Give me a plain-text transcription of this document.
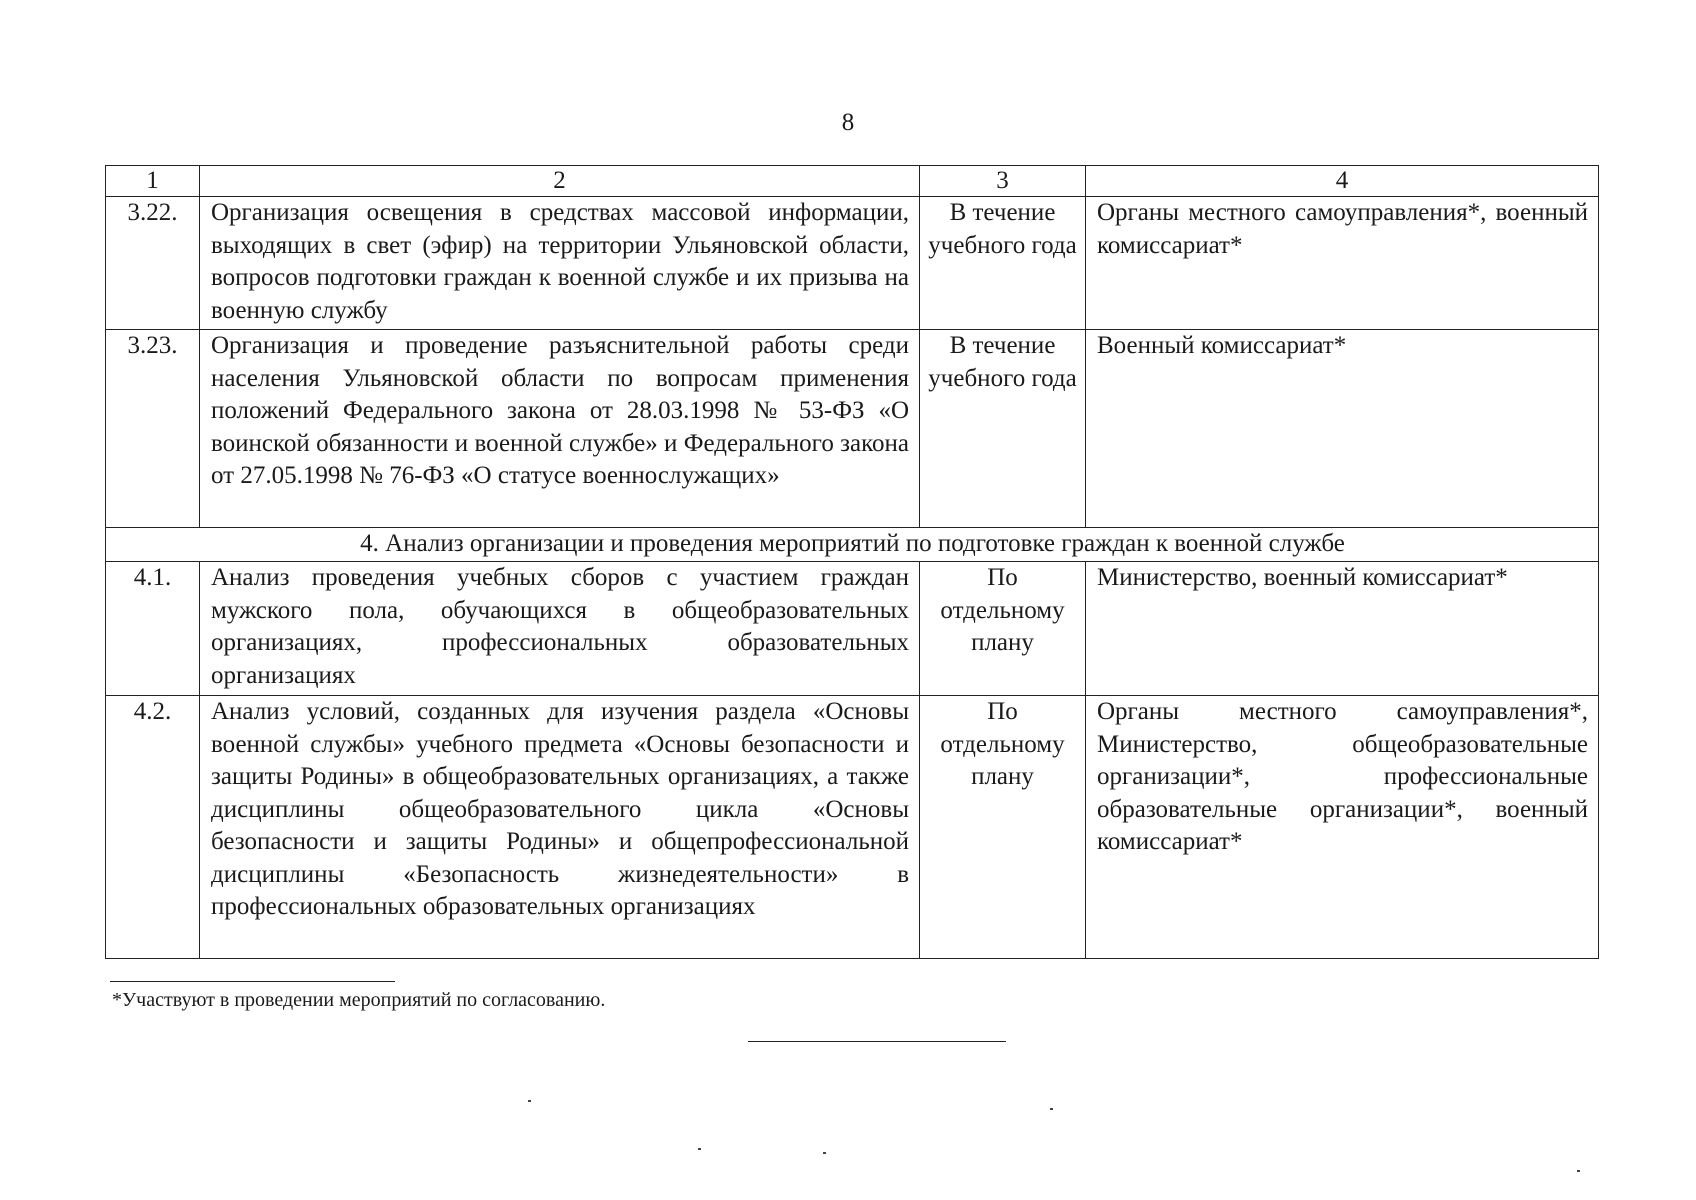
8
1	2	3	4
3.22.	Организация освещения в средствах массовой информации, выходящих в свет (эфир) на территории Ульяновской области, вопросов подготовки граждан к военной службе и их призыва на военную службу	В течение учебного года	Органы местного самоуправления*, военный комиссариат*
3.23.	Организация и проведение разъяснительной работы среди населения Ульяновской области по вопросам применения положений Федерального закона от 28.03.1998 № 53-ФЗ «О воинской обязанности и военной службе» и Федерального закона от 27.05.1998 № 76-ФЗ «О статусе военнослужащих»	В течение учебного года	Военный комиссариат*
4. Анализ организации и проведения мероприятий по подготовке граждан к военной службе			
4.1.	Анализ проведения учебных сборов с участием граждан мужского пола, обучающихся в общеобразовательных организациях, профессиональных образовательных организациях	По отдельному плану	Министерство, военный комиссариат*
4.2.	Анализ условий, созданных для изучения раздела «Основы военной службы» учебного предмета «Основы безопасности и защиты Родины» в общеобразовательных организациях, а также дисциплины общеобразовательного цикла «Основы безопасности и защиты Родины» и общепрофессиональной дисциплины «Безопасность жизнедеятельности» в профессиональных образовательных организациях	По отдельному плану	Органы местного самоуправления*, Министерство, общеобразовательные организации*, профессиональные образовательные организации*, военный комиссариат*
*Участвуют в проведении мероприятий по согласованию.
